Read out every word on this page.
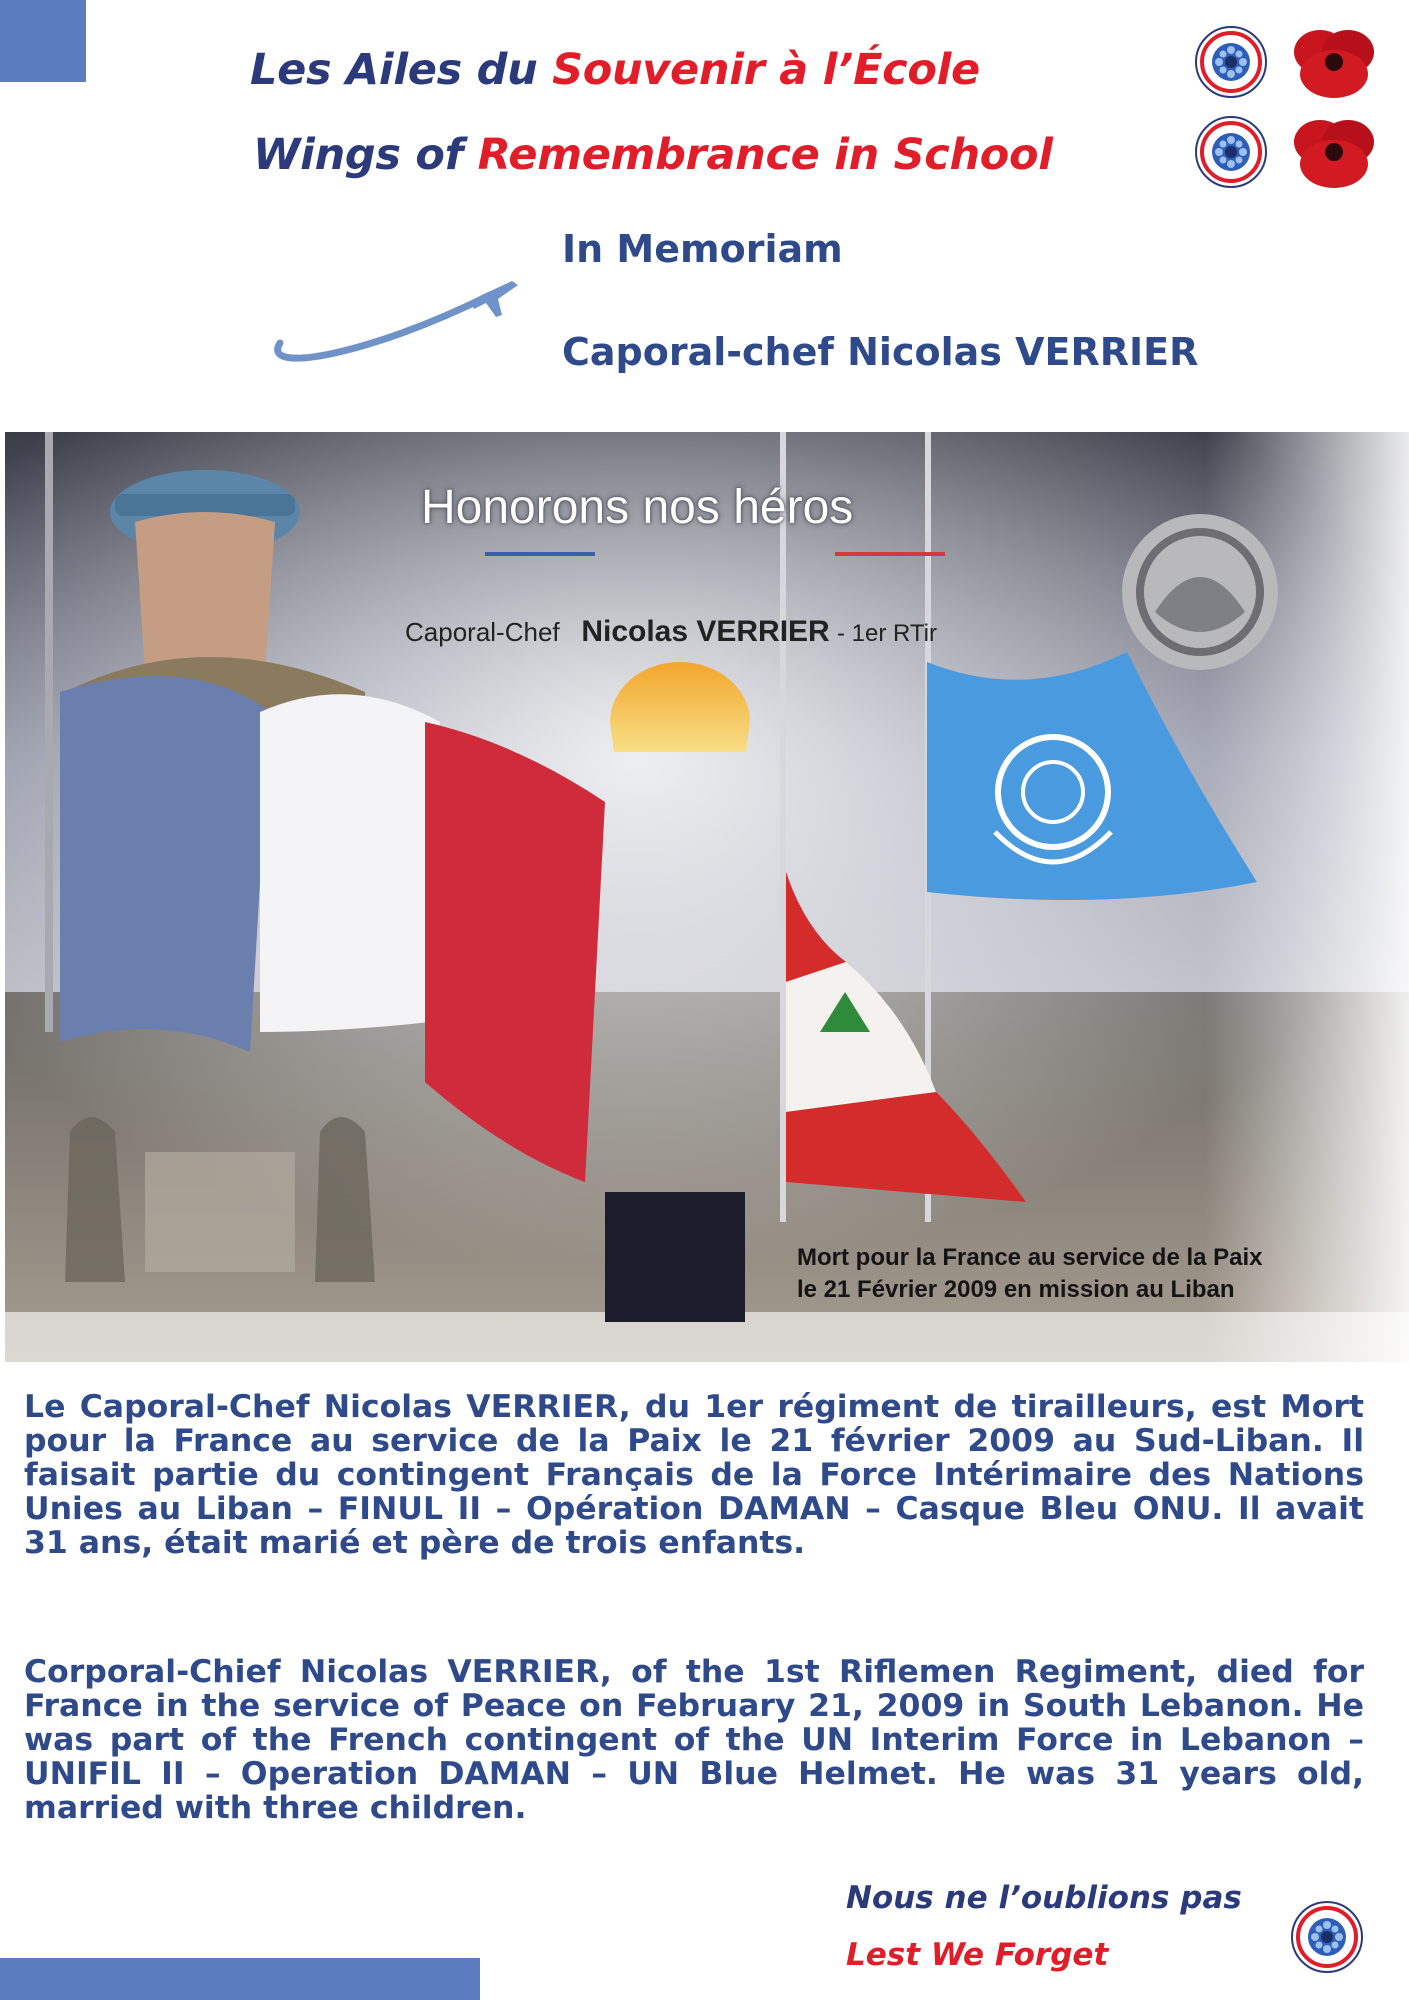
Les Ailes du Souvenir à l’École
Wings of Remembrance in School
In Memoriam
Caporal-chef Nicolas VERRIER
Honorons nos héros
Caporal-Chef Nicolas VERRIER - 1er RTir
Mort pour la France au service de la Paix
le 21 Février 2009 en mission au Liban
Le Caporal-Chef Nicolas VERRIER, du 1er régiment de tirailleurs, est Mort pour la France au service de la Paix le 21 février 2009 au Sud-Liban. Il faisait partie du contingent Français de la Force Intérimaire des Nations Unies au Liban – FINUL II – Opération DAMAN – Casque Bleu ONU. Il avait 31 ans, était marié et père de trois enfants.
Corporal-Chief Nicolas VERRIER, of the 1st Riflemen Regiment, died for France in the service of Peace on February 21, 2009 in South Lebanon. He was part of the French contingent of the UN Interim Force in Lebanon – UNIFIL II – Operation DAMAN – UN Blue Helmet. He was 31 years old, married with three children.
Nous ne l’oublions pas
Lest We Forget
